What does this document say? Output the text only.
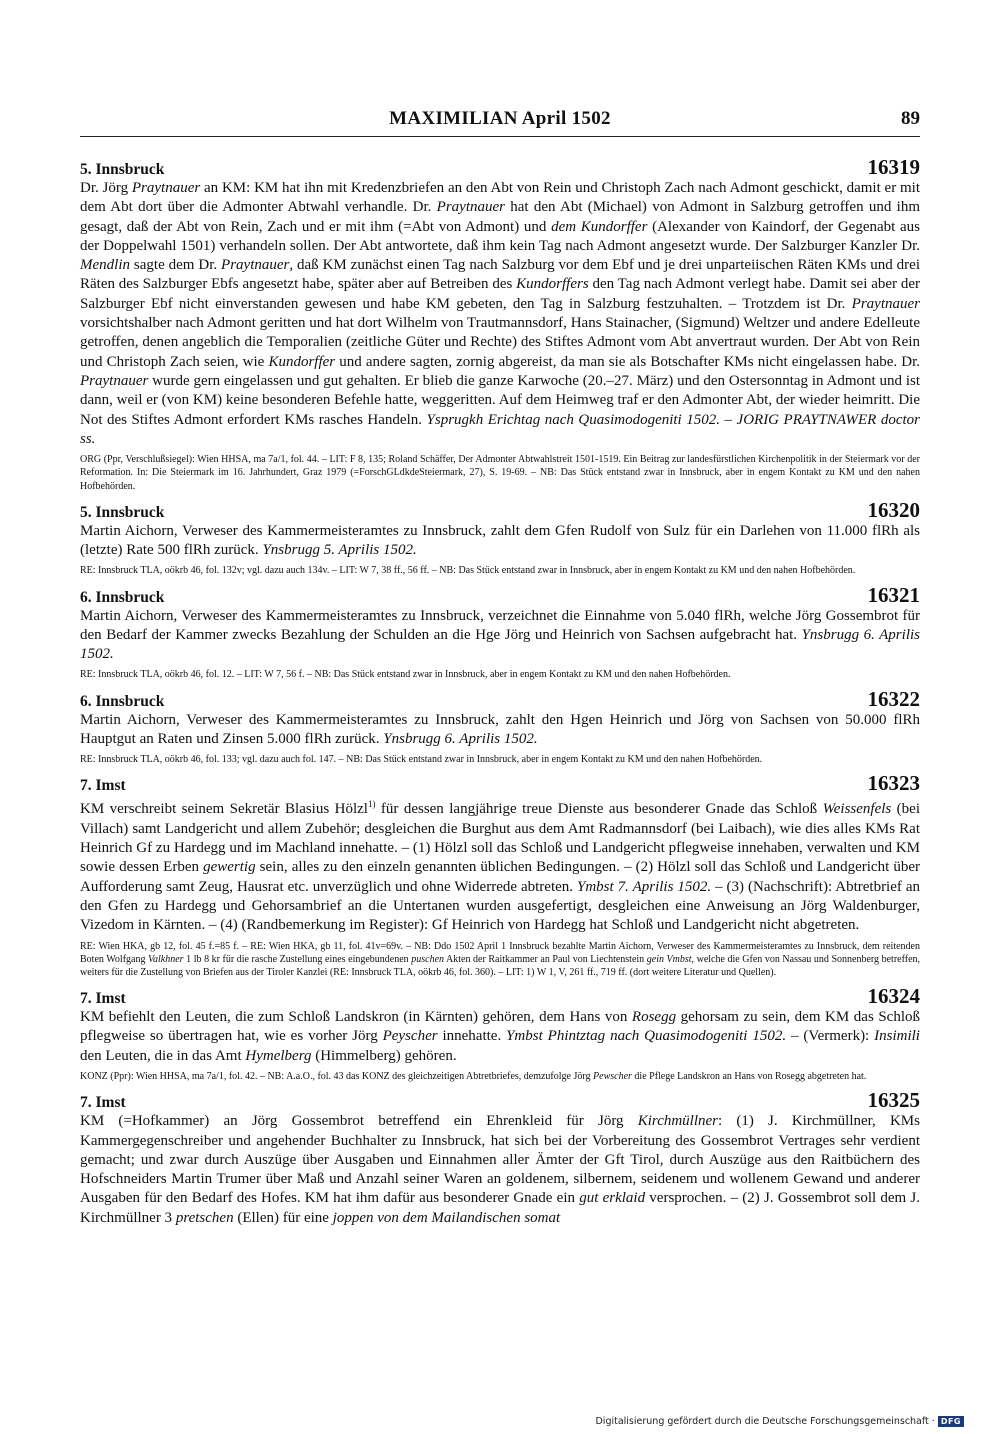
MAXIMILIAN April 1502	89
5. Innsbruck	16319

Dr. Jörg Praytnauer an KM: KM hat ihn mit Kredenzbriefen an den Abt von Rein und Christoph Zach nach Admont geschickt, damit er mit dem Abt dort über die Admonter Abtwahl verhandle. Dr. Praytnauer hat den Abt (Michael) von Admont in Salzburg getroffen und ihm gesagt, daß der Abt von Rein, Zach und er mit ihm (=Abt von Admont) und dem Kundorffer (Alexander von Kaindorf, der Gegenabt aus der Doppelwahl 1501) verhandeln sollen. Der Abt antwortete, daß ihm kein Tag nach Admont angesetzt wurde. Der Salzburger Kanzler Dr. Mendlin sagte dem Dr. Praytnauer, daß KM zunächst einen Tag nach Salzburg vor dem Ebf und je drei unparteiischen Räten KMs und drei Räten des Salzburger Ebfs angesetzt habe, später aber auf Betreiben des Kundorffers den Tag nach Admont verlegt habe. Damit sei aber der Salzburger Ebf nicht einverstanden gewesen und habe KM gebeten, den Tag in Salzburg festzuhalten. – Trotzdem ist Dr. Praytnauer vorsichtshalber nach Admont geritten und hat dort Wilhelm von Trautmannsdorf, Hans Stainacher, (Sigmund) Weltzer und andere Edelleute getroffen, denen angeblich die Temporalien (zeitliche Güter und Rechte) des Stiftes Admont vom Abt anvertraut wurden. Der Abt von Rein und Christoph Zach seien, wie Kundorffer und andere sagten, zornig abgereist, da man sie als Botschafter KMs nicht eingelassen habe. Dr. Praytnauer wurde gern eingelassen und gut gehalten. Er blieb die ganze Karwoche (20.–27. März) und den Ostersonntag in Admont und ist dann, weil er (von KM) keine besonderen Befehle hatte, weggeritten. Auf dem Heimweg traf er den Admonter Abt, der wieder heimritt. Die Not des Stiftes Admont erfordert KMs rasches Handeln. Ysprugkh Erichtag nach Quasimodogeniti 1502. – JORIG PRAYTNAWER doctor ss.

ORG (Ppr, Verschlußsiegel): Wien HHSA, ma 7a/1, fol. 44. – LIT: F 8, 135; Roland Schäffer, Der Admonter Abtwahlstreit 1501-1519. Ein Beitrag zur landesfürstlichen Kirchenpolitik in der Steiermark vor der Reformation. In: Die Steiermark im 16. Jahrhundert, Graz 1979 (=ForschGLdkdeSteiermark, 27), S. 19-69. – NB: Das Stück entstand zwar in Innsbruck, aber in engem Kontakt zu KM und den nahen Hofbehörden.

5. Innsbruck	16320

Martin Aichorn, Verweser des Kammermeisteramtes zu Innsbruck, zahlt dem Gfen Rudolf von Sulz für ein Darlehen von 11.000 flRh als (letzte) Rate 500 flRh zurück. Ynsbrugg 5. Aprilis 1502.

RE: Innsbruck TLA, oökrb 46, fol. 132v; vgl. dazu auch 134v. – LIT: W 7, 38 ff., 56 ff. – NB: Das Stück entstand zwar in Innsbruck, aber in engem Kontakt zu KM und den nahen Hofbehörden.

6. Innsbruck	16321

Martin Aichorn, Verweser des Kammermeisteramtes zu Innsbruck, verzeichnet die Einnahme von 5.040 flRh, welche Jörg Gossembrot für den Bedarf der Kammer zwecks Bezahlung der Schulden an die Hge Jörg und Heinrich von Sachsen aufgebracht hat. Ynsbrugg 6. Aprilis 1502.

RE: Innsbruck TLA, oökrb 46, fol. 12. – LIT: W 7, 56 f. – NB: Das Stück entstand zwar in Innsbruck, aber in engem Kontakt zu KM und den nahen Hofbehörden.

6. Innsbruck	16322

Martin Aichorn, Verweser des Kammermeisteramtes zu Innsbruck, zahlt den Hgen Heinrich und Jörg von Sachsen von 50.000 flRh Hauptgut an Raten und Zinsen 5.000 flRh zurück. Ynsbrugg 6. Aprilis 1502.

RE: Innsbruck TLA, oökrb 46, fol. 133; vgl. dazu auch fol. 147. – NB: Das Stück entstand zwar in Innsbruck, aber in engem Kontakt zu KM und den nahen Hofbehörden.

7. Imst	16323

KM verschreibt seinem Sekretär Blasius Hölzl$^{1)}$ für dessen langjährige treue Dienste aus besonderer Gnade das Schloß Weissenfels (bei Villach) samt Landgericht und allem Zubehör; desgleichen die Burghut aus dem Amt Radmannsdorf (bei Laibach), wie dies alles KMs Rat Heinrich Gf zu Hardegg und im Machland innehatte. – (1) Hölzl soll das Schloß und Landgericht pflegweise innehaben, verwalten und KM sowie dessen Erben gewertig sein, alles zu den einzeln genannten üblichen Bedingungen. – (2) Hölzl soll das Schloß und Landgericht über Aufforderung samt Zeug, Hausrat etc. unverzüglich und ohne Widerrede abtreten. Ymbst 7. Aprilis 1502. – (3) (Nachschrift): Abtretbrief an den Gfen zu Hardegg und Gehorsambrief an die Untertanen wurden ausgefertigt, desgleichen eine Anweisung an Jörg Waldenburger, Vizedom in Kärnten. – (4) (Randbemerkung im Register): Gf Heinrich von Hardegg hat Schloß und Landgericht nicht abgetreten.

RE: Wien HKA, gb 12, fol. 45 f.=85 f. – RE: Wien HKA, gb 11, fol. 41v=69v. – NB: Ddo 1502 April 1 Innsbruck bezahlte Martin Aichorn, Verweser des Kammermeisteramtes zu Innsbruck, dem reitenden Boten Wolfgang Valkhner 1 lb 8 kr für die rasche Zustellung eines eingebundenen puschen Akten der Raitkammer an Paul von Liechtenstein gein Vmbst, welche die Gfen von Nassau und Sonnenberg betreffen, weiters für die Zustellung von Briefen aus der Tiroler Kanzlei (RE: Innsbruck TLA, oökrb 46, fol. 360). – LIT: 1) W 1, V, 261 ff., 719 ff. (dort weitere Literatur und Quellen).

7. Imst	16324

KM befiehlt den Leuten, die zum Schloß Landskron (in Kärnten) gehören, dem Hans von Rosegg gehorsam zu sein, dem KM das Schloß pflegweise so übertragen hat, wie es vorher Jörg Peyscher innehatte. Ymbst Phintztag nach Quasimodogeniti 1502. – (Vermerk): Insimili den Leuten, die in das Amt Hymelberg (Himmelberg) gehören.

KONZ (Ppr): Wien HHSA, ma 7a/1, fol. 42. – NB: A.a.O., fol. 43 das KONZ des gleichzeitigen Abtretbriefes, demzufolge Jörg Pewscher die Pflege Landskron an Hans von Rosegg abgetreten hat.

7. Imst	16325

KM (=Hofkammer) an Jörg Gossembrot betreffend ein Ehrenkleid für Jörg Kirchmüllner: (1) J. Kirchmüllner, KMs Kammergegenschreiber und angehender Buchhalter zu Innsbruck, hat sich bei der Vorbereitung des Gossembrot Vertrages sehr verdient gemacht; und zwar durch Auszüge über Ausgaben und Einnahmen aller Ämter der Gft Tirol, durch Auszüge aus den Raitbüchern des Hofschneiders Martin Trumer über Maß und Anzahl seiner Waren an goldenem, silbernem, seidenem und wollenem Gewand und anderer Ausgaben für den Bedarf des Hofes. KM hat ihm dafür aus besonderer Gnade ein gut erklaid versprochen. – (2) J. Gossembrot soll dem J. Kirchmüllner 3 pretschen (Ellen) für eine joppen von dem Mailandischen somat

Digitalisierung gefördert durch die Deutsche Forschungsgemeinschaft · DFG
